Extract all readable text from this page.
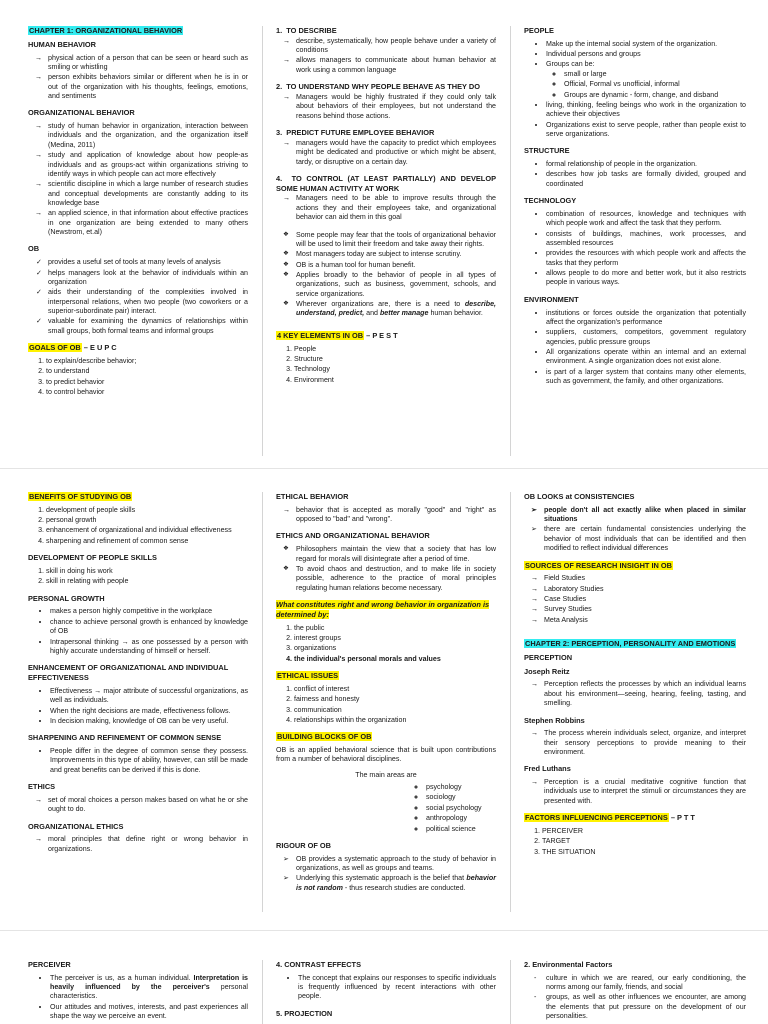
CHAPTER 1: ORGANIZATIONAL BEHAVIOR
HUMAN BEHAVIOR
→ physical action of a person that can be seen or heard such as smiling or whistling
→ person exhibits behaviors similar or different when he is in or out of the organization with his thoughts, feelings, emotions, and sentiments
ORGANIZATIONAL BEHAVIOR
→ study of human behavior in organization, interaction between individuals and the organization, and the organization itself (Medina, 2011)
→ study and application of knowledge about how people-as individuals and as groups-act within organizations striving to identify ways in which people can act more effectively
→ scientific discipline in which a large number of research studies and conceptual developments are constantly adding to its knowledge base
→ an applied science, in that information about effective practices in one organization are being extended to many others (Newstrom, et.al)
OB
✓ provides a useful set of tools at many levels of analysis
✓ helps managers look at the behavior of individuals within an organization
✓ aids their understanding of the complexities involved in interpersonal relations, when two people (two coworkers or a superior-subordinate pair) interact.
✓ valuable for examining the dynamics of relationships within small groups, both formal teams and informal groups
GOALS OF OB – E U P C
1. to explain/describe behavior;
2. to understand
3. to predict behavior
4. to control behavior
1. TO DESCRIBE
→ describe, systematically, how people behave under a variety of conditions
→ allows managers to communicate about human behavior at work using a common language
2. TO UNDERSTAND WHY PEOPLE BEHAVE AS THEY DO
→ Managers would be highly frustrated if they could only talk about behaviors of their employees, but not understand the reasons behind those actions.
3. PREDICT FUTURE EMPLOYEE BEHAVIOR
→ managers would have the capacity to predict which employees might be dedicated and productive or which might be absent, tardy, or disruptive on a certain day.
4. TO CONTROL (AT LEAST PARTIALLY) AND DEVELOP SOME HUMAN ACTIVITY AT WORK
→ Managers need to be able to improve results through the actions they and their employees take, and organizational behavior can aid them in this goal
❖ Some people may fear that the tools of organizational behavior will be used to limit their freedom and take away their rights.
❖ Most managers today are subject to intense scrutiny.
❖ OB is a human tool for human benefit.
❖ Applies broadly to the behavior of people in all types of organizations, such as business, government, schools, and service organizations.
❖ Wherever organizations are, there is a need to describe, understand, predict, and better manage human behavior.
4 KEY ELEMENTS IN OB – P E S T
1. People
2. Structure
3. Technology
4. Environment
PEOPLE
• Make up the internal social system of the organization.
• Individual persons and groups
• Groups can be:
◦ small or large
◦ Official, Formal vs unofficial, informal
◦ Groups are dynamic - form, change, and disband
• living, thinking, feeling beings who work in the organization to achieve their objectives
• Organizations exist to serve people, rather than people exist to serve organizations.
STRUCTURE
• formal relationship of people in the organization.
• describes how job tasks are formally divided, grouped and coordinated
TECHNOLOGY
• combination of resources, knowledge and techniques with which people work and affect the task that they perform.
• consists of buildings, machines, work processes, and assembled resources
• provides the resources with which people work and affects the tasks that they perform
• allows people to do more and better work, but it also restricts people in various ways.
ENVIRONMENT
• institutions or forces outside the organization that potentially affect the organization's performance
• suppliers, customers, competitors, government regulatory agencies, public pressure groups
• All organizations operate within an internal and an external environment. A single organization does not exist alone.
• is part of a larger system that contains many other elements, such as government, the family, and other organizations.
BENEFITS OF STUDYING OB
1. development of people skills
2. personal growth
3. enhancement of organizational and individual effectiveness
4. sharpening and refinement of common sense
DEVELOPMENT OF PEOPLE SKILLS
1. skill in doing his work
2. skill in relating with people
PERSONAL GROWTH
• makes a person highly competitive in the workplace
• chance to achieve personal growth is enhanced by knowledge of OB
• Intrapersonal thinking → as one possessed by a person with highly accurate understanding of himself or herself.
ENHANCEMENT OF ORGANIZATIONAL AND INDIVIDUAL EFFECTIVENESS
• Effectiveness → major attribute of successful organizations, as well as individuals.
• When the right decisions are made, effectiveness follows.
• In decision making, knowledge of OB can be very useful.
SHARPENING AND REFINEMENT OF COMMON SENSE
• People differ in the degree of common sense they possess. Improvements in this type of ability, however, can still be made and great benefits can be derived if this is done.
ETHICS
→ set of moral choices a person makes based on what he or she ought to do.
ORGANIZATIONAL ETHICS
→ moral principles that define right or wrong behavior in organizations.
ETHICAL BEHAVIOR
→ behavior that is accepted as morally "good" and "right" as opposed to "bad" and "wrong".
ETHICS AND ORGANIZATIONAL BEHAVIOR
❖ Philosophers maintain the view that a society that has low regard for morals will disintegrate after a period of time.
❖ To avoid chaos and destruction, and to make life in society possible, adherence to the practice of moral principles regulating human relations become necessary.
What constitutes right and wrong behavior in organization is determined by:
1. the public
2. interest groups
3. organizations
4. the individual's personal morals and values
ETHICAL ISSUES
1. conflict of interest
2. fairness and honesty
3. communication
4. relationships within the organization
BUILDING BLOCKS OF OB

OB is an applied behavioral science that is built upon contributions from a number of behavioral disciplines.

The main areas are

◦ psychology
◦ sociology
◦ social psychology
◦ anthropology
◦ political science
RIGOUR OF OB
➢ OB provides a systematic approach to the study of behavior in organizations, as well as groups and teams.
➢ Underlying this systematic approach is the belief that behavior is not random - thus research studies are conducted.
OB LOOKS at CONSISTENCIES
➢ people don't all act exactly alike when placed in similar situations
➢ there are certain fundamental consistencies underlying the behavior of most individuals that can be identified and then modified to reflect individual differences
SOURCES OF RESEARCH INSIGHT IN OB
→ Field Studies
→ Laboratory Studies
→ Case Studies
→ Survey Studies
→ Meta Analysis
CHAPTER 2: PERCEPTION, PERSONALITY AND EMOTIONS
PERCEPTION
Joseph Reitz
→ Perception reflects the processes by which an individual learns about his environment—seeing, hearing, feeling, tasting, and smelling.
Stephen Robbins
→ The process wherein individuals select, organize, and interpret their sensory perceptions to provide meaning to their environment.
Fred Luthans
→ Perception is a crucial meditative cognitive function that individuals use to interpret the stimuli or circumstances they are presented with.
FACTORS INFLUENCING PERCEPTIONS – P T T
1. PERCEIVER
2. TARGET
3. THE SITUATION
PERCEIVER
• The perceiver is us, as a human individual. Interpretation is heavily influenced by the perceiver's personal characteristics.
• Our attitudes and motives, interests, and past experiences all shape the way we perceive an event.
4. CONTRAST EFFECTS
• The concept that explains our responses to specific individuals is frequently influenced by recent interactions with other people.
5. PROJECTION
2. Environmental Factors
- culture in which we are reared, our early conditioning, the norms among our family, friends, and social
- groups, as well as other influences we encounter, are among the elements that put pressure on the development of our personalities.
